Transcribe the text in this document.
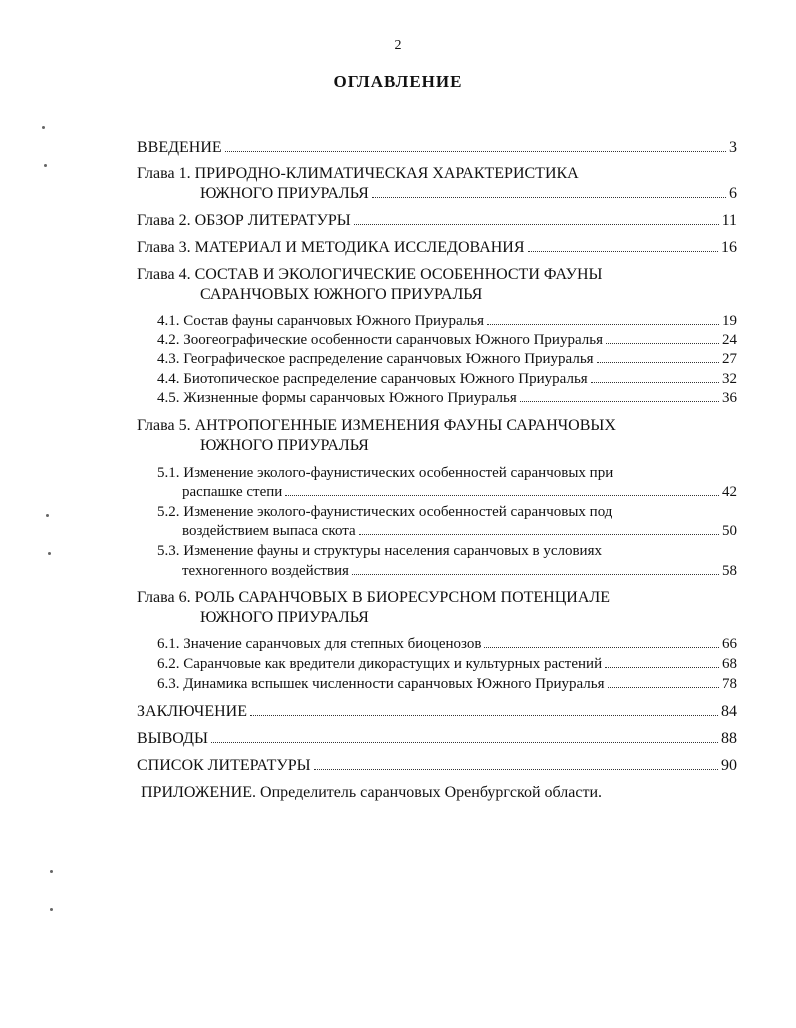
2
ОГЛАВЛЕНИЕ
ВВЕДЕНИЕ	3
Глава 1. ПРИРОДНО-КЛИМАТИЧЕСКАЯ ХАРАКТЕРИСТИКА
ЮЖНОГО ПРИУРАЛЬЯ	6
Глава 2. ОБЗОР ЛИТЕРАТУРЫ	11
Глава 3. МАТЕРИАЛ И МЕТОДИКА ИССЛЕДОВАНИЯ	16
Глава 4. СОСТАВ И ЭКОЛОГИЧЕСКИЕ ОСОБЕННОСТИ ФАУНЫ
САРАНЧОВЫХ ЮЖНОГО ПРИУРАЛЬЯ
4.1. Состав фауны саранчовых Южного Приуралья	19
4.2. Зоогеографические особенности саранчовых Южного Приуралья	24
4.3. Географическое распределение саранчовых Южного Приуралья	27
4.4. Биотопическое распределение саранчовых Южного Приуралья	32
4.5. Жизненные формы саранчовых Южного Приуралья	36
Глава 5. АНТРОПОГЕННЫЕ ИЗМЕНЕНИЯ ФАУНЫ САРАНЧОВЫХ
ЮЖНОГО ПРИУРАЛЬЯ
5.1. Изменение эколого-фаунистических особенностей саранчовых при
распашке степи	42
5.2. Изменение эколого-фаунистических особенностей саранчовых под
воздействием выпаса скота	50
5.3. Изменение фауны и структуры населения саранчовых в условиях
техногенного воздействия	58
Глава 6. РОЛЬ САРАНЧОВЫХ В БИОРЕСУРСНОМ ПОТЕНЦИАЛЕ
ЮЖНОГО ПРИУРАЛЬЯ
6.1. Значение саранчовых для степных биоценозов	66
6.2. Саранчовые как вредители дикорастущих и культурных растений	68
6.3. Динамика вспышек численности саранчовых Южного Приуралья	78
ЗАКЛЮЧЕНИЕ	84
ВЫВОДЫ	88
СПИСОК ЛИТЕРАТУРЫ	90
ПРИЛОЖЕНИЕ. Определитель саранчовых Оренбургской области.
